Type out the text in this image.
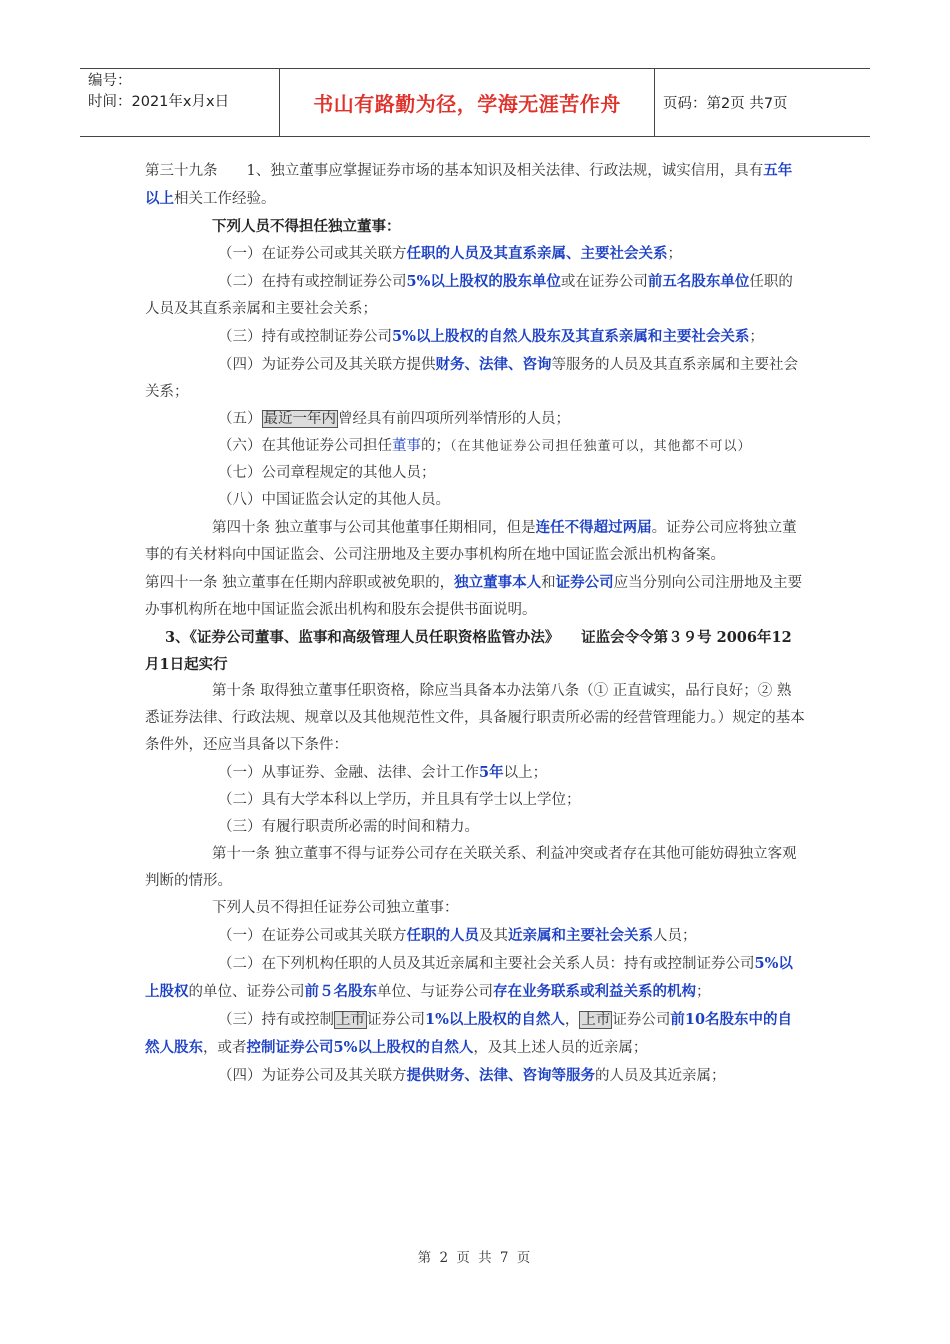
编号：
时间：2021年x月x日	书山有路勤为径，学海无涯苦作舟	页码：第2页 共7页

第三十九条　　1、独立董事应掌握证券市场的基本知识及相关法律、行政法规，诚实信用，具有五年以上相关工作经验。

下列人员不得担任独立董事：

（一）在证券公司或其关联方任职的人员及其直系亲属、主要社会关系；

（二）在持有或控制证券公司5%以上股权的股东单位或在证券公司前五名股东单位任职的人员及其直系亲属和主要社会关系；

（三）持有或控制证券公司5%以上股权的自然人股东及其直系亲属和主要社会关系；

（四）为证券公司及其关联方提供财务、法律、咨询等服务的人员及其直系亲属和主要社会关系；

（五） 最近一年内 曾经具有前四项所列举情形的人员；

（六）在其他证券公司担任董事的；（在其他证券公司担任独董可以，其他都不可以）

（七）公司章程规定的其他人员；

（八）中国证监会认定的其他人员。

第四十条 独立董事与公司其他董事任期相同，但是连任不得超过两届。证券公司应将独立董事的有关材料向中国证监会、公司注册地及主要办事机构所在地中国证监会派出机构备案。

第四十一条 独立董事在任期内辞职或被免职的，独立董事本人和证券公司应当分别向公司注册地及主要办事机构所在地中国证监会派出机构和股东会提供书面说明。

3、《证券公司董事、监事和高级管理人员任职资格监管办法》　　证监会令令第３９号 2006年12月1日起实行

第十条 取得独立董事任职资格，除应当具备本办法第八条（① 正直诚实，品行良好；② 熟悉证券法律、行政法规、规章以及其他规范性文件，具备履行职责所必需的经营管理能力。）规定的基本条件外，还应当具备以下条件：

（一）从事证券、金融、法律、会计工作5年以上；

（二）具有大学本科以上学历，并且具有学士以上学位；

（三）有履行职责所必需的时间和精力。

第十一条 独立董事不得与证券公司存在关联关系、利益冲突或者存在其他可能妨碍独立客观判断的情形。

下列人员不得担任证券公司独立董事：

（一）在证券公司或其关联方任职的人员及其近亲属和主要社会关系人员；

（二）在下列机构任职的人员及其近亲属和主要社会关系人员：持有或控制证券公司5%以上股权的单位、证券公司前５名股东单位、与证券公司存在业务联系或利益关系的机构；

（三）持有或控制 上市 证券公司1%以上股权的自然人， 上市 证券公司前10名股东中的自然人股东，或者控制证券公司5%以上股权的自然人，及其上述人员的近亲属；

（四）为证券公司及其关联方提供财务、法律、咨询等服务的人员及其近亲属；

第 2 页 共 7 页
